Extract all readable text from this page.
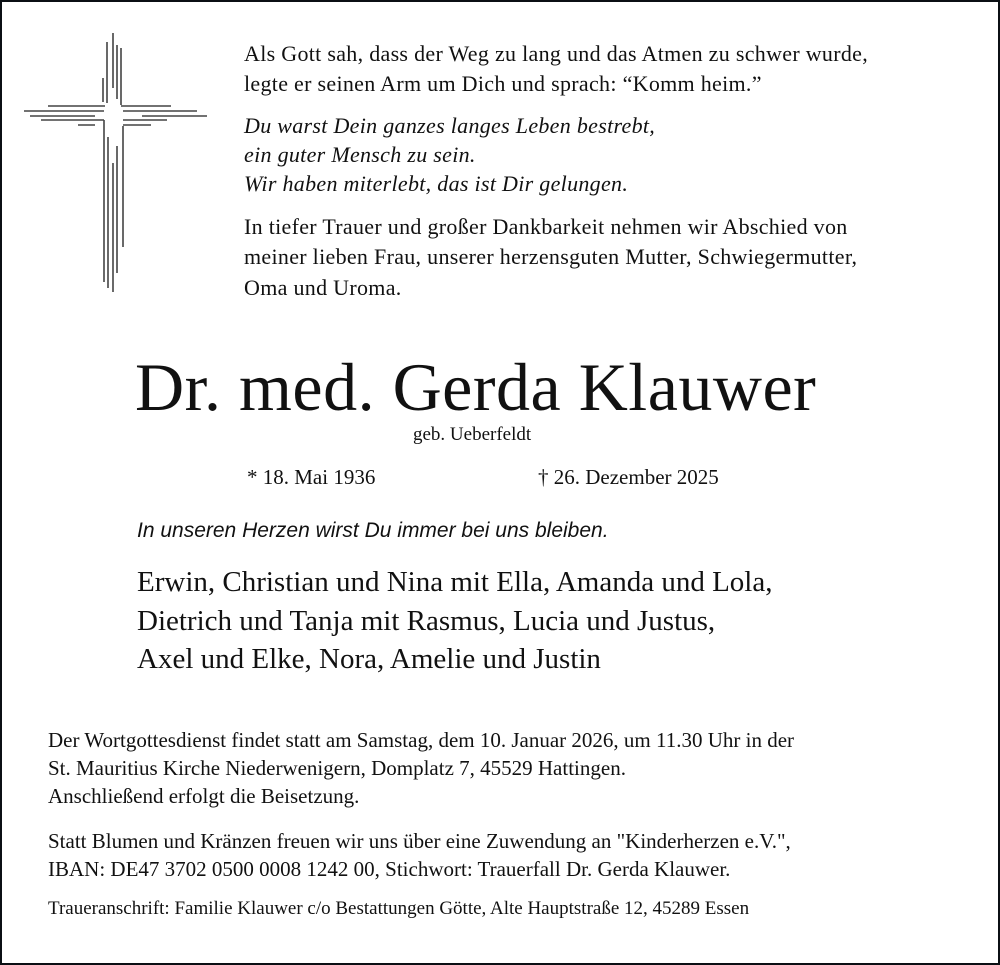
Als Gott sah, dass der Weg zu lang und das Atmen zu schwer wurde,
legte er seinen Arm um Dich und sprach: “Komm heim.”
Du warst Dein ganzes langes Leben bestrebt,
ein guter Mensch zu sein.
Wir haben miterlebt, das ist Dir gelungen.
In tiefer Trauer und großer Dankbarkeit nehmen wir Abschied von
meiner lieben Frau, unserer herzensguten Mutter, Schwiegermutter,
Oma und Uroma.
Dr. med. Gerda Klauwer
geb. Ueberfeldt
* 18. Mai 1936	† 26. Dezember 2025
In unseren Herzen wirst Du immer bei uns bleiben.
Erwin, Christian und Nina mit Ella, Amanda und Lola,
Dietrich und Tanja mit Rasmus, Lucia und Justus,
Axel und Elke, Nora, Amelie und Justin
Der Wortgottesdienst findet statt am Samstag, dem 10. Januar 2026, um 11.30 Uhr in der
St. Mauritius Kirche Niederwenigern, Domplatz 7, 45529 Hattingen.
Anschließend erfolgt die Beisetzung.
Statt Blumen und Kränzen freuen wir uns über eine Zuwendung an "Kinderherzen e.V.",
IBAN: DE47 3702 0500 0008 1242 00, Stichwort: Trauerfall Dr. Gerda Klauwer.
Traueranschrift: Familie Klauwer c/o Bestattungen Götte, Alte Hauptstraße 12, 45289 Essen
